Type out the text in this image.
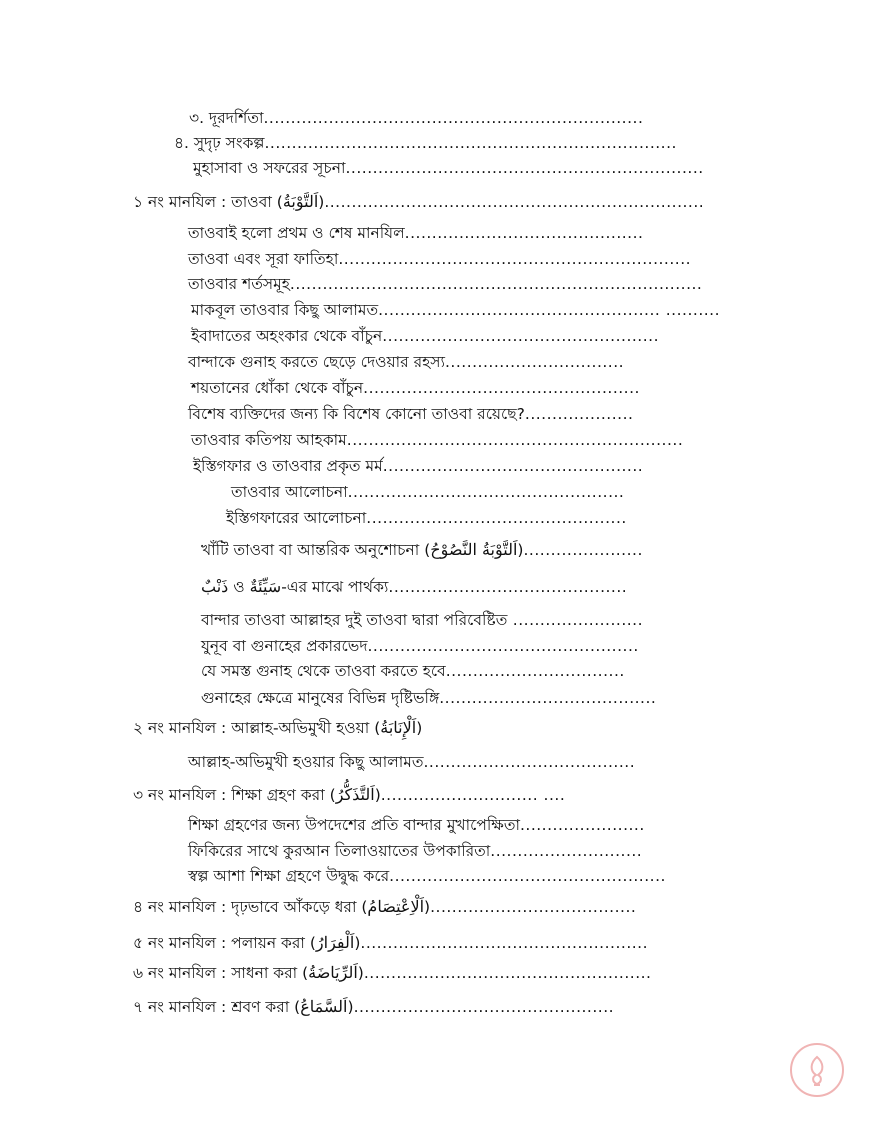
৩. দূরদর্শিতা......................................................................
৪. সুদৃঢ় সংকল্প............................................................................
মুহাসাবা ও সফরের সূচনা..................................................................
১ নং মানযিল : তাওবা (اَلتَّوْبَةُ)......................................................................
তাওবাই হলো প্রথম ও শেষ মানযিল............................................
তাওবা এবং সূরা ফাতিহা.................................................................
তাওবার শর্তসমূহ............................................................................
মাকবূল তাওবার কিছু আলামত.................................................... ..........
ইবাদাতের অহংকার থেকে বাঁচুন...................................................
বান্দাকে গুনাহ করতে ছেড়ে দেওয়ার রহস্য.................................
শয়তানের ধোঁকা থেকে বাঁচুন...................................................
বিশেষ ব্যক্তিদের জন্য কি বিশেষ কোনো তাওবা রয়েছে?....................
তাওবার কতিপয় আহকাম..............................................................
ইস্তিগফার ও তাওবার প্রকৃত মর্ম................................................
তাওবার আলোচনা...................................................
ইস্তিগফারের আলোচনা................................................
খাঁটি তাওবা বা আন্তরিক অনুশোচনা (اَلتَّوْبَةُ النَّصُوْحُ)......................
ذَنْبٌ ও سَيِّئَةٌ-এর মাঝে পার্থক্য............................................
বান্দার তাওবা আল্লাহর দুই তাওবা দ্বারা পরিবেষ্টিত ........................
যুনূব বা গুনাহের প্রকারভেদ..................................................
যে সমস্ত গুনাহ থেকে তাওবা করতে হবে.................................
গুনাহের ক্ষেত্রে মানুষের বিভিন্ন দৃষ্টিভঙ্গি........................................
২ নং মানযিল : আল্লাহ-অভিমুখী হওয়া (اَلْإِنَابَةُ)
আল্লাহ-অভিমুখী হওয়ার কিছু আলামত.......................................
৩ নং মানযিল : শিক্ষা গ্রহণ করা (اَلتَّذَكُّرُ)............................. ....
শিক্ষা গ্রহণের জন্য উপদেশের প্রতি বান্দার মুখাপেক্ষিতা.......................
ফিকিরের সাথে কুরআন তিলাওয়াতের উপকারিতা............................
স্বল্প আশা শিক্ষা গ্রহণে উদ্বুদ্ধ করে...................................................
৪ নং মানযিল : দৃঢ়ভাবে আঁকড়ে ধরা (اَلْاِعْتِصَامُ)......................................
৫ নং মানযিল : পলায়ন করা (اَلْفِرَارُ).....................................................
৬ নং মানযিল : সাধনা করা (اَلرِّيَاضَةُ).....................................................
৭ নং মানযিল : শ্রবণ করা (اَلسَّمَاعُ)................................................
